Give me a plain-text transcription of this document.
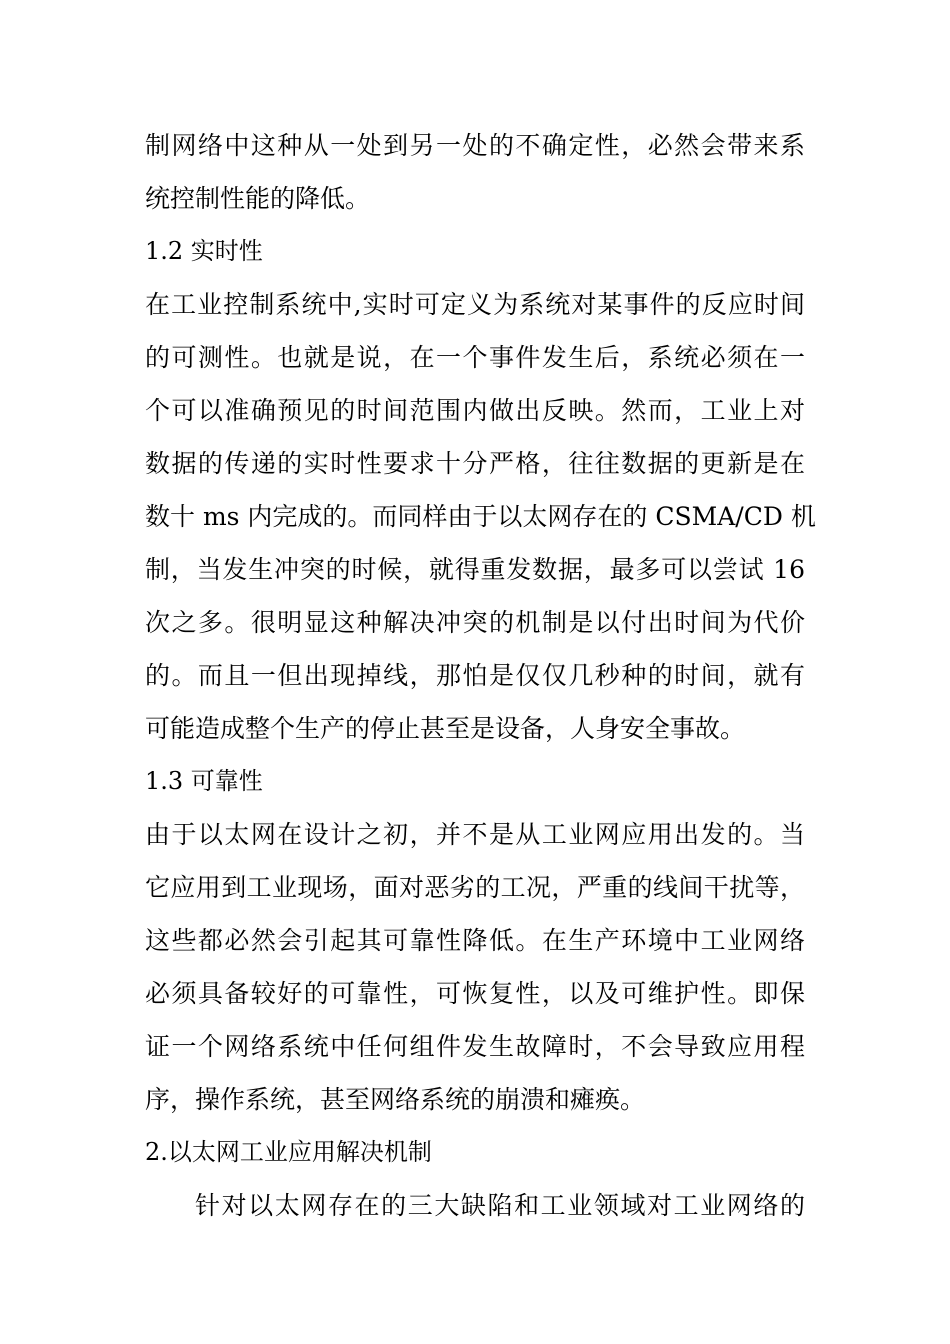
制网络中这种从一处到另一处的不确定性，必然会带来系
统控制性能的降低。
1.2 实时性
在工业控制系统中,实时可定义为系统对某事件的反应时间
的可测性。也就是说，在一个事件发生后，系统必须在一
个可以准确预见的时间范围内做出反映。然而，工业上对
数据的传递的实时性要求十分严格，往往数据的更新是在
数十 ms 内完成的。而同样由于以太网存在的 CSMA/CD 机
制，当发生冲突的时候，就得重发数据，最多可以尝试 16
次之多。很明显这种解决冲突的机制是以付出时间为代价
的。而且一但出现掉线，那怕是仅仅几秒种的时间，就有
可能造成整个生产的停止甚至是设备，人身安全事故。
1.3 可靠性
由于以太网在设计之初，并不是从工业网应用出发的。当
它应用到工业现场，面对恶劣的工况，严重的线间干扰等，
这些都必然会引起其可靠性降低。在生产环境中工业网络
必须具备较好的可靠性，可恢复性，以及可维护性。即保
证一个网络系统中任何组件发生故障时，不会导致应用程
序，操作系统，甚至网络系统的崩溃和瘫痪。
2.以太网工业应用解决机制
针对以太网存在的三大缺陷和工业领域对工业网络的
